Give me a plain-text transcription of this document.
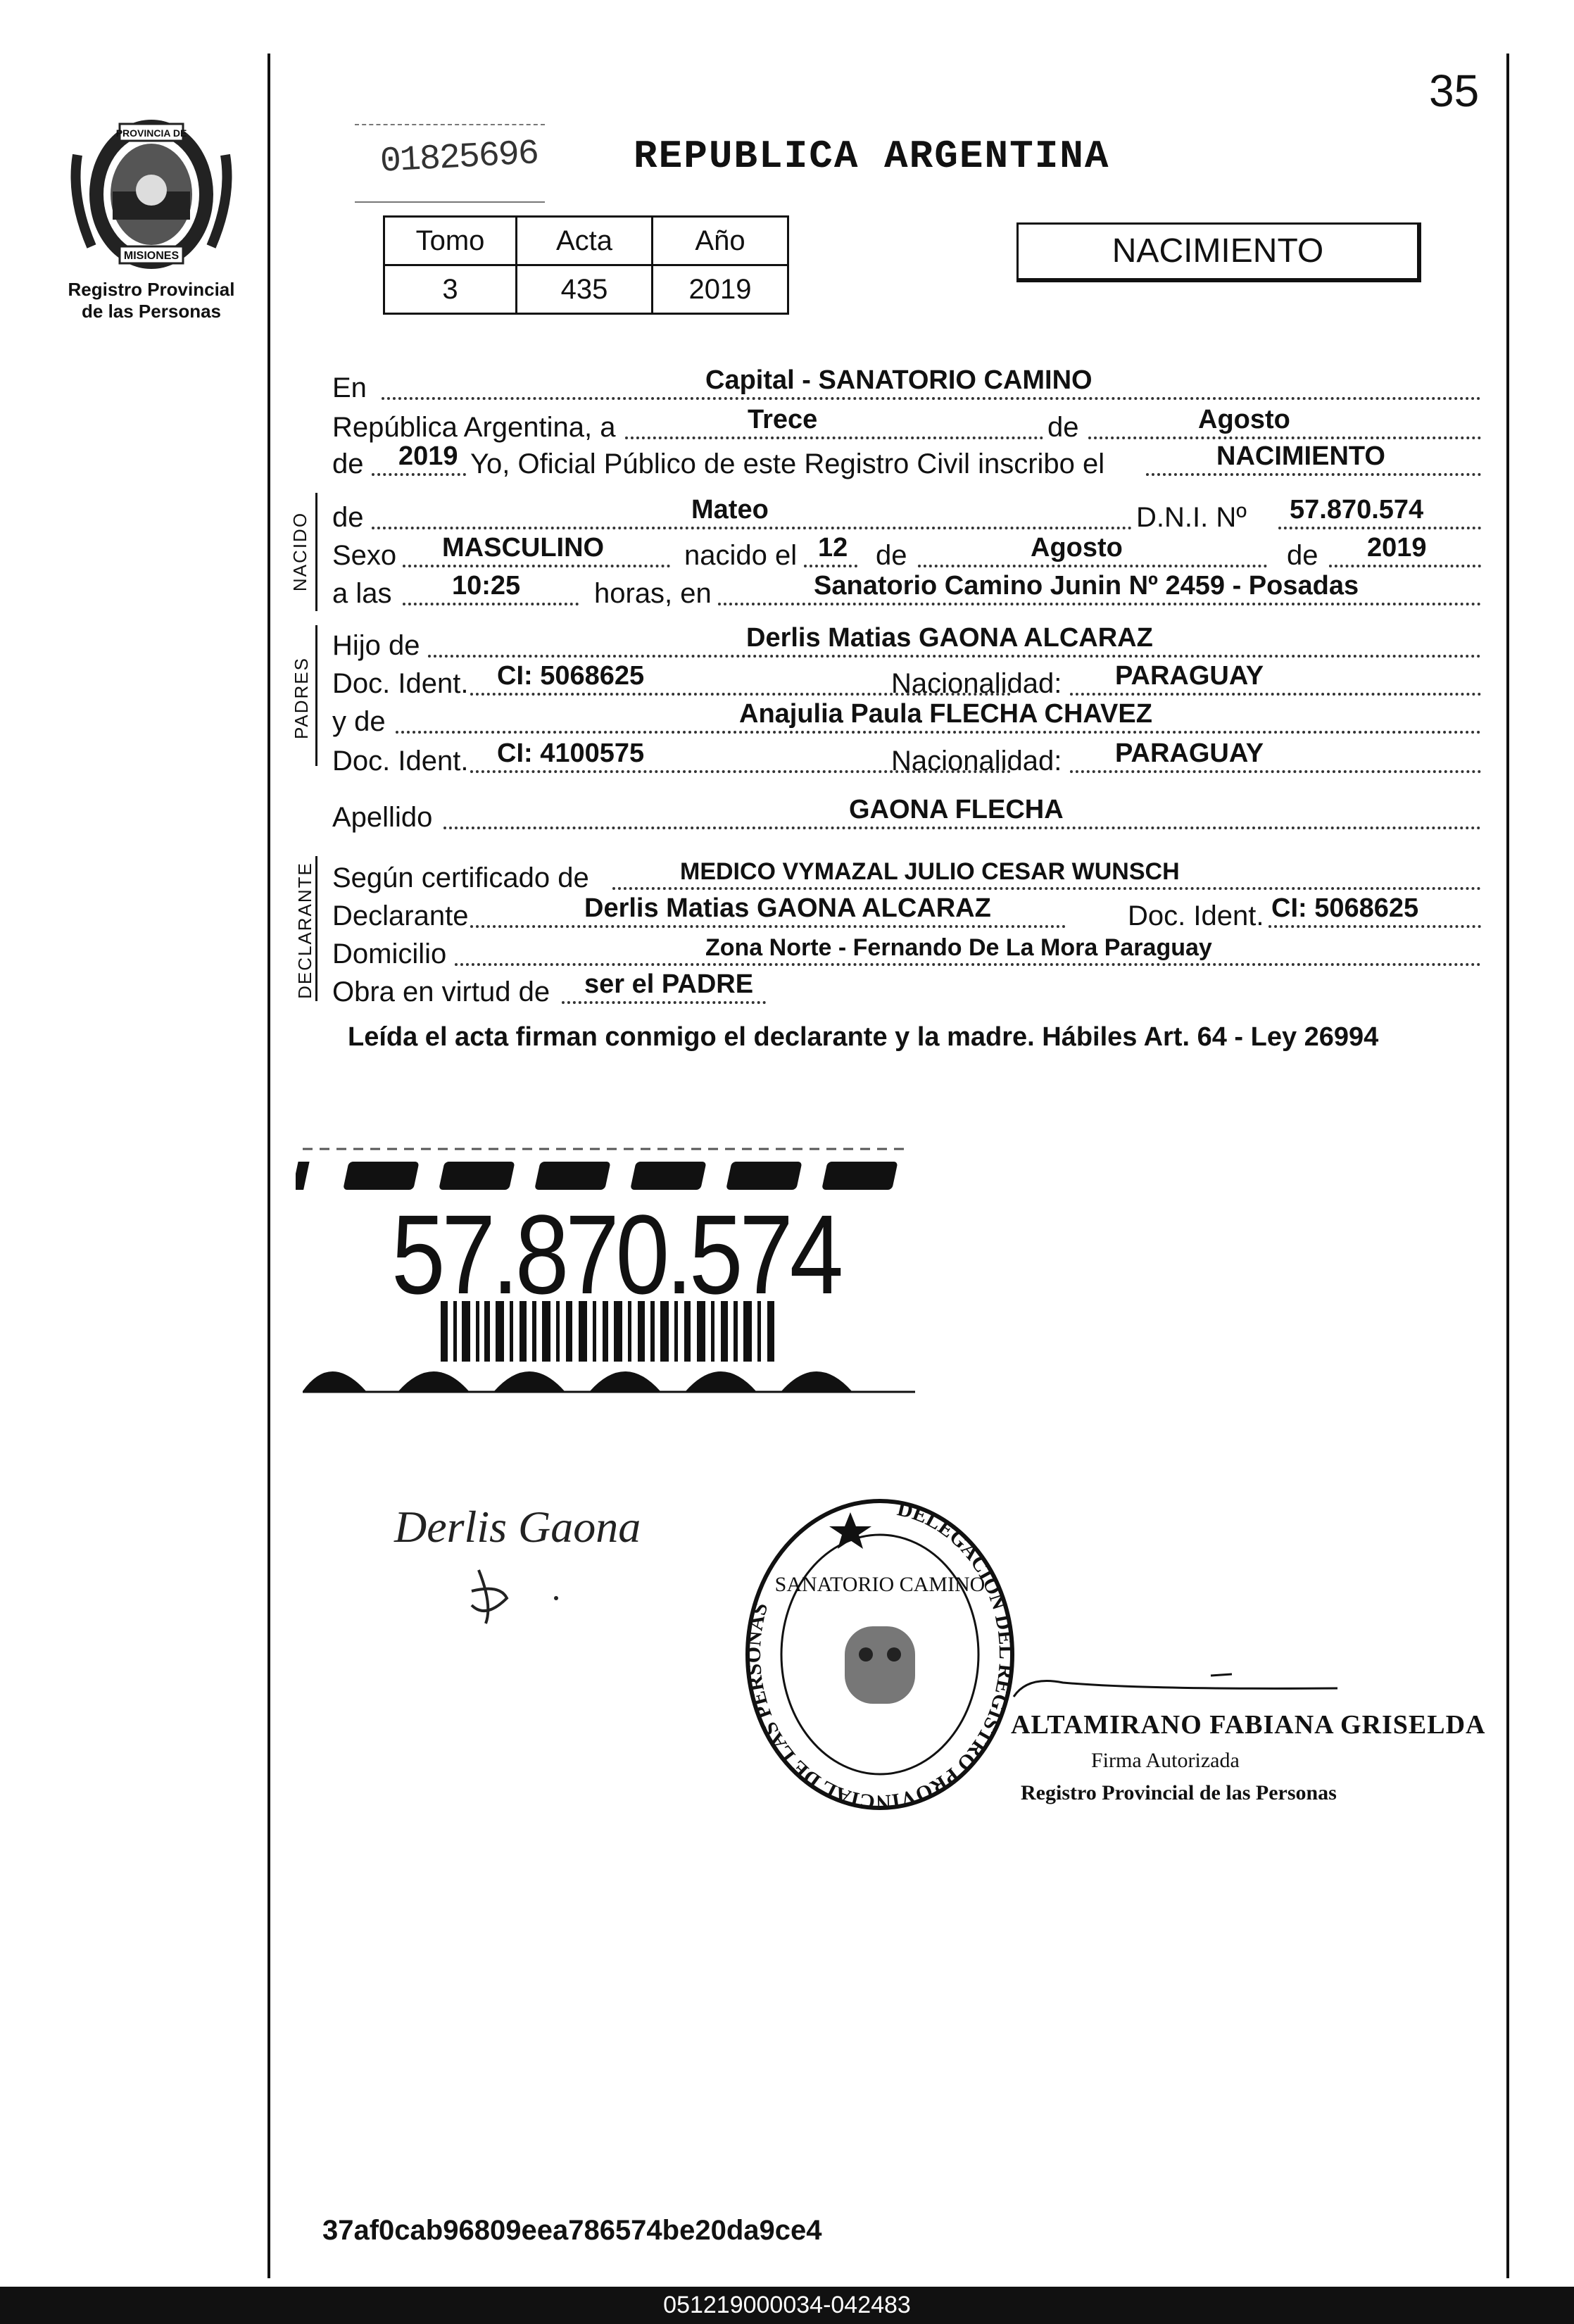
35
PROVINCIA DE
MISIONES
Registro Provincial
de las Personas
01825696 REPUBLICA ARGENTINA
Tomo	Acta	Año
3	435	2019
NACIMIENTO
NACIDO
PADRES
DECLARANTE
En	Capital - SANATORIO CAMINO
República Argentina, a	Trece	de	Agosto
de 2019 Yo, Oficial Público de este Registro Civil inscribo el	NACIMIENTO
de	Mateo	D.N.I. Nº 57.870.574
Sexo MASCULINO	nacido el 12 de	Agosto	de 2019
a las 10:25	horas, en	Sanatorio Camino Junin Nº 2459 - Posadas
Hijo de	Derlis Matias GAONA ALCARAZ
Doc. Ident. CI: 5068625	Nacionalidad: PARAGUAY
y de	Anajulia Paula FLECHA CHAVEZ
Doc. Ident. CI: 4100575	Nacionalidad: PARAGUAY
Apellido	GAONA FLECHA
Según certificado de	MEDICO VYMAZAL JULIO CESAR WUNSCH
Declarante	Derlis Matias GAONA ALCARAZ	Doc. Ident. CI: 5068625
Domicilio	Zona Norte - Fernando De La Mora Paraguay
Obra en virtud de ser el PADRE
Leída el acta firman conmigo el declarante y la madre. Hábiles Art. 64 - Ley 26994
57.870.574
Derlis Gaona	DELEGACION DEL REGISTRO PROVINCIAL DE LAS PERSONAS
SANATORIO CAMINO
ALTAMIRANO FABIANA GRISELDA
Firma Autorizada
Registro Provincial de las Personas
37af0cab96809eea786574be20da9ce4
051219000034-042483
